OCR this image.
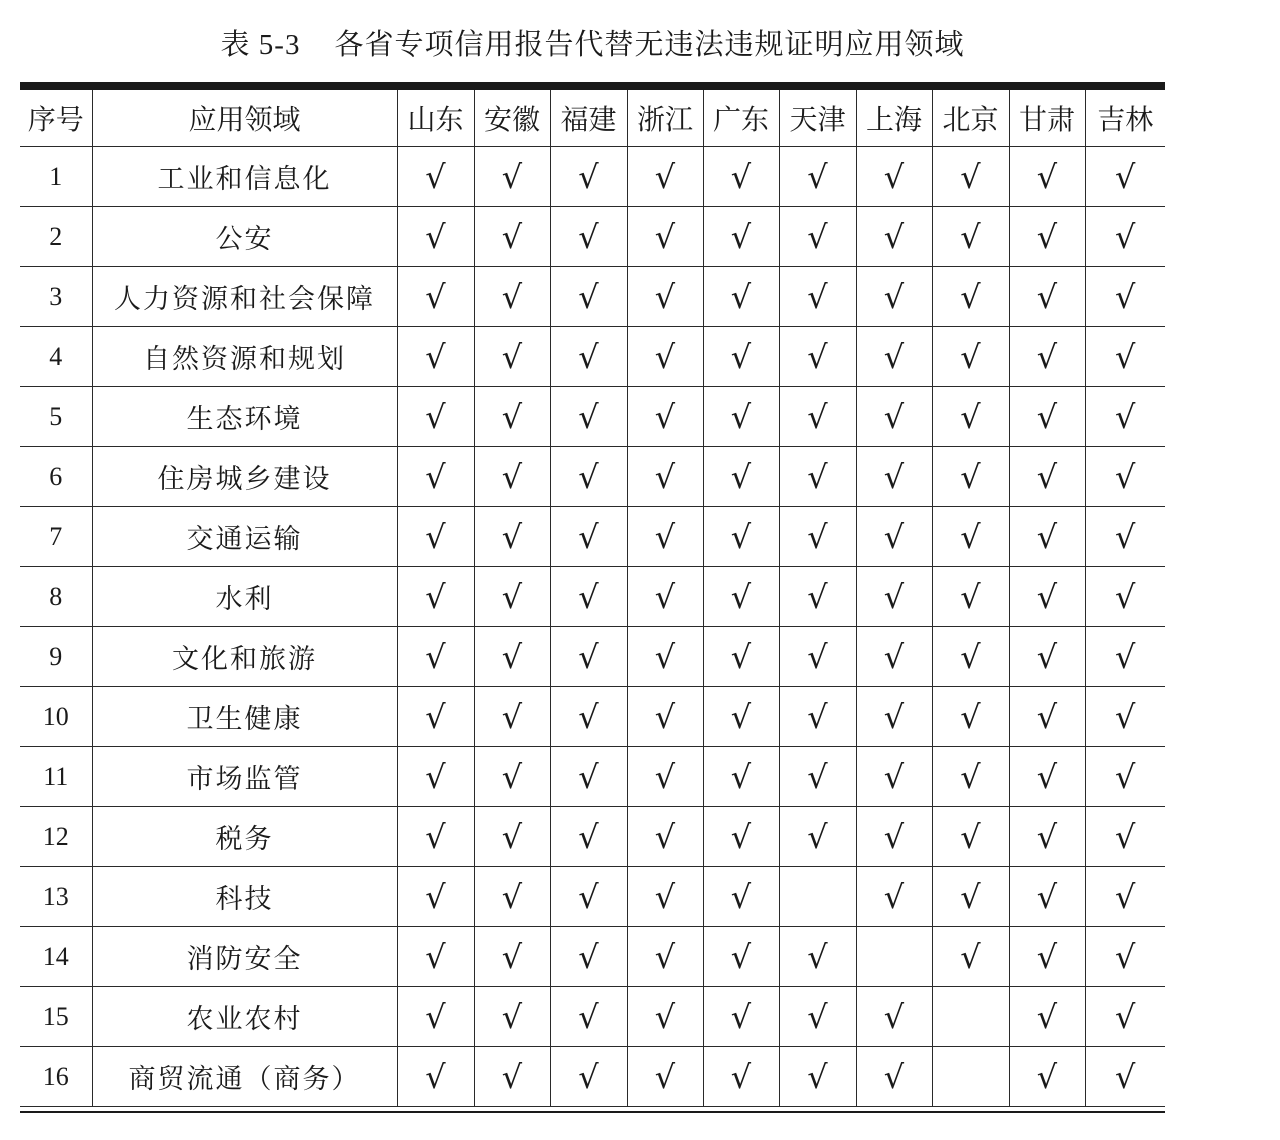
表 5-3 各省专项信用报告代替无违法违规证明应用领域
序号	应用领域	山东	安徽	福建	浙江	广东	天津	上海	北京	甘肃	吉林
1	工业和信息化	√	√	√	√	√	√	√	√	√	√
2	公安	√	√	√	√	√	√	√	√	√	√
3	人力资源和社会保障	√	√	√	√	√	√	√	√	√	√
4	自然资源和规划	√	√	√	√	√	√	√	√	√	√
5	生态环境	√	√	√	√	√	√	√	√	√	√
6	住房城乡建设	√	√	√	√	√	√	√	√	√	√
7	交通运输	√	√	√	√	√	√	√	√	√	√
8	水利	√	√	√	√	√	√	√	√	√	√
9	文化和旅游	√	√	√	√	√	√	√	√	√	√
10	卫生健康	√	√	√	√	√	√	√	√	√	√
11	市场监管	√	√	√	√	√	√	√	√	√	√
12	税务	√	√	√	√	√	√	√	√	√	√
13	科技	√	√	√	√	√		√	√	√	√
14	消防安全	√	√	√	√	√	√		√	√	√
15	农业农村	√	√	√	√	√	√	√		√	√
16	商贸流通（商务）	√	√	√	√	√	√	√		√	√
